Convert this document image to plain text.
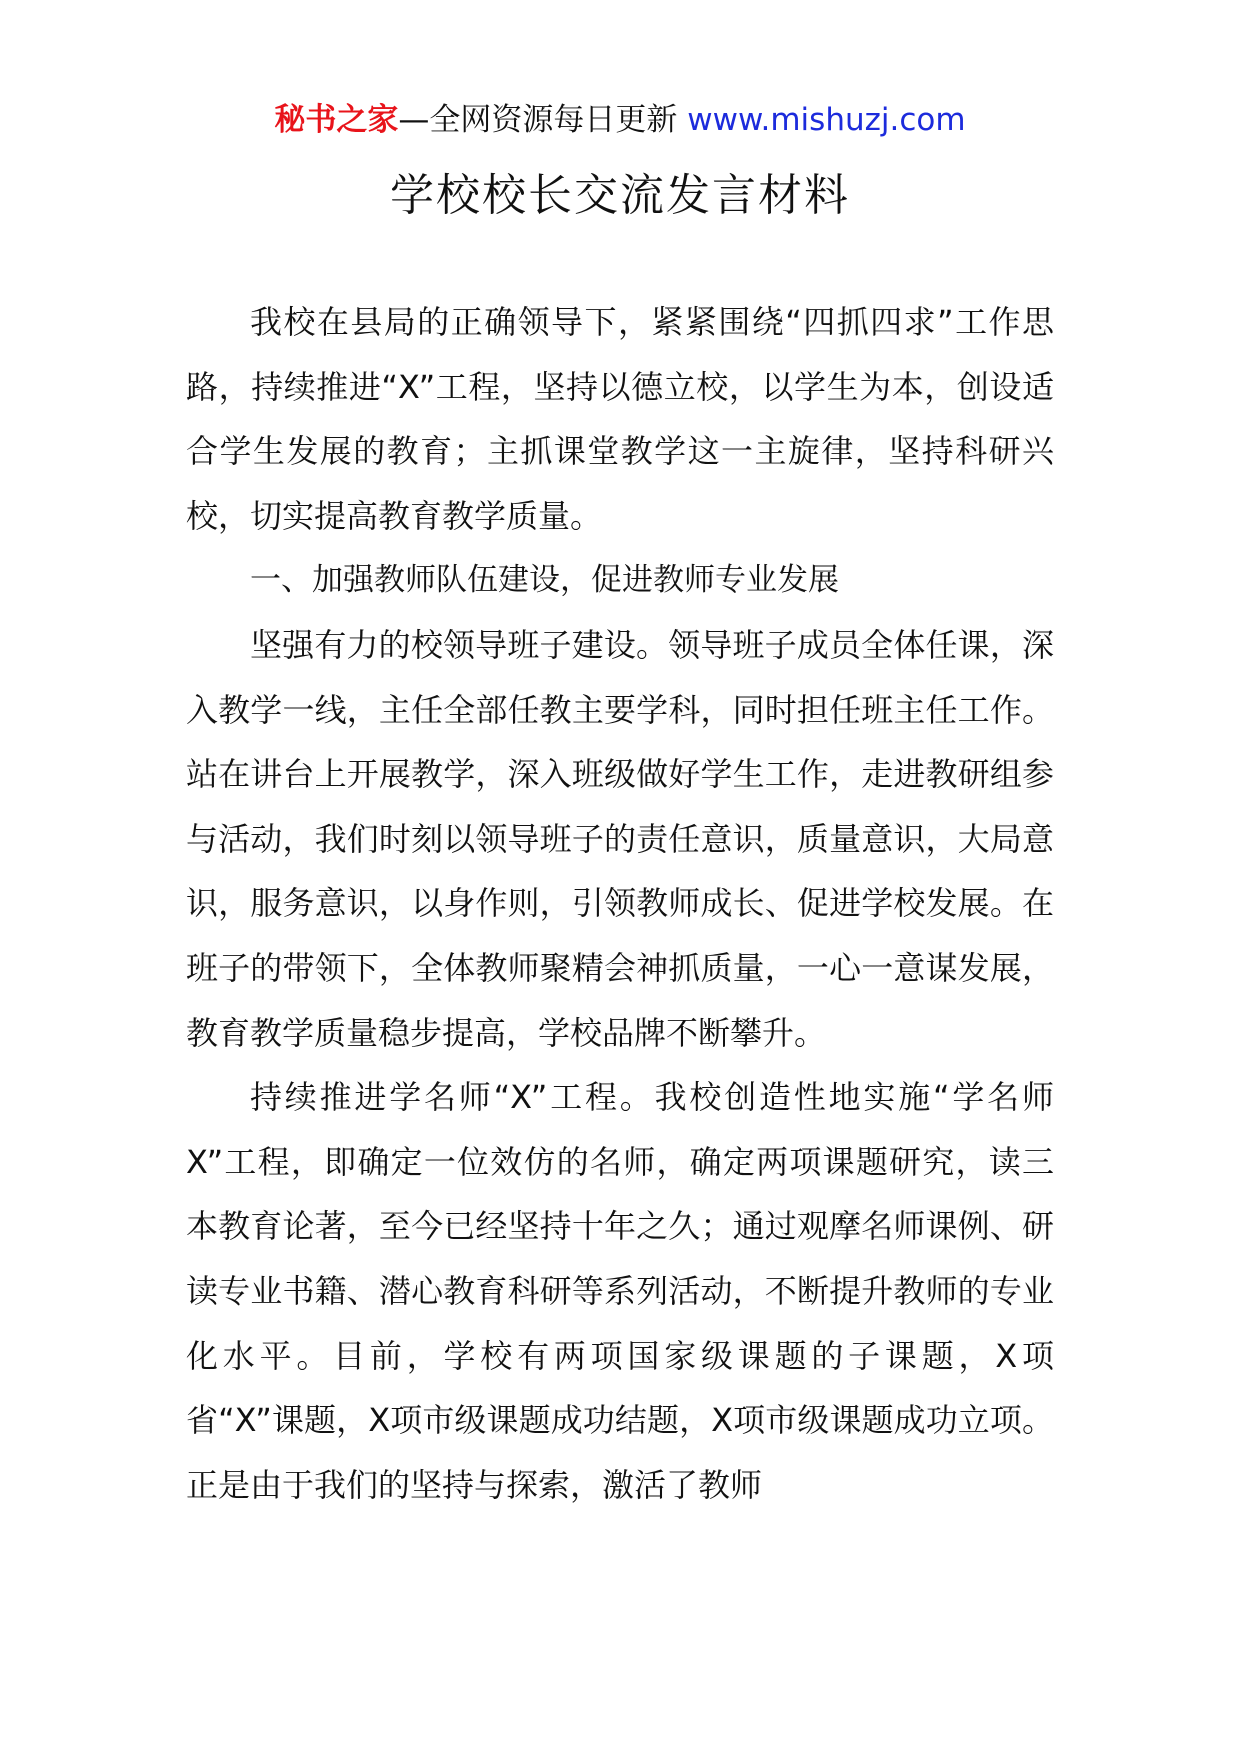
秘书之家—全网资源每日更新 www.mishuzj.com
学校校长交流发言材料

我校在县局的正确领导下，紧紧围绕“四抓四求”工作思路，持续推进“X”工程，坚持以德立校，以学生为本，创设适合学生发展的教育；主抓课堂教学这一主旋律，坚持科研兴校，切实提高教育教学质量。

一、加强教师队伍建设，促进教师专业发展

坚强有力的校领导班子建设。领导班子成员全体任课，深入教学一线，主任全部任教主要学科，同时担任班主任工作。站在讲台上开展教学，深入班级做好学生工作，走进教研组参与活动，我们时刻以领导班子的责任意识，质量意识，大局意识，服务意识，以身作则，引领教师成长、促进学校发展。在班子的带领下，全体教师聚精会神抓质量，一心一意谋发展，教育教学质量稳步提高，学校品牌不断攀升。

持续推进学名师“X”工程。我校创造性地实施“学名师X”工程，即确定一位效仿的名师，确定两项课题研究，读三本教育论著，至今已经坚持十年之久；通过观摩名师课例、研读专业书籍、潜心教育科研等系列活动，不断提升教师的专业化水平。目前，学校有两项国家级课题的子课题，X项省“X”课题，X项市级课题成功结题，X项市级课题成功立项。正是由于我们的坚持与探索，激活了教师
